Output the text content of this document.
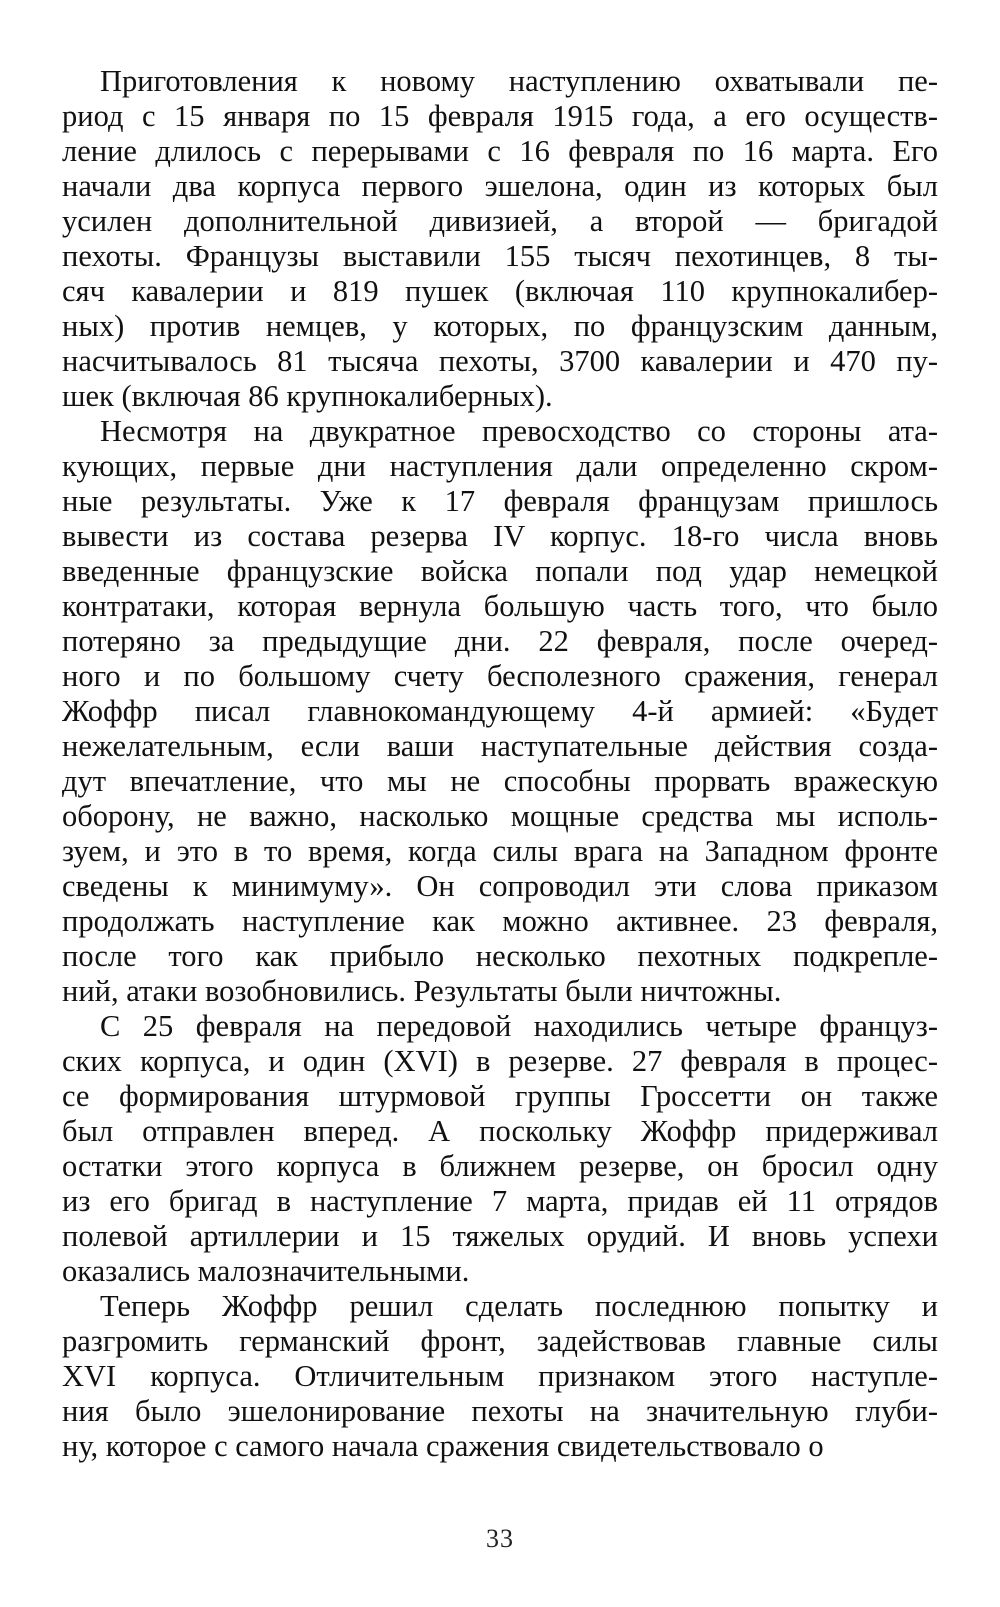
Приготовления к новому наступлению охватывали пе-
риод с 15 января по 15 февраля 1915 года, а его осуществ-
ление длилось с перерывами с 16 февраля по 16 марта. Его
начали два корпуса первого эшелона, один из которых был
усилен дополнительной дивизией, а второй — бригадой
пехоты. Французы выставили 155 тысяч пехотинцев, 8 ты-
сяч кавалерии и 819 пушек (включая 110 крупнокалибер-
ных) против немцев, у которых, по французским данным,
насчитывалось 81 тысяча пехоты, 3700 кавалерии и 470 пу-
шек (включая 86 крупнокалиберных).
Несмотря на двукратное превосходство со стороны ата-
кующих, первые дни наступления дали определенно скром-
ные результаты. Уже к 17 февраля французам пришлось
вывести из состава резерва IV корпус. 18-го числа вновь
введенные французские войска попали под удар немецкой
контратаки, которая вернула большую часть того, что было
потеряно за предыдущие дни. 22 февраля, после очеред-
ного и по большому счету бесполезного сражения, генерал
Жоффр писал главнокомандующему 4-й армией: «Будет
нежелательным, если ваши наступательные действия созда-
дут впечатление, что мы не способны прорвать вражескую
оборону, не важно, насколько мощные средства мы исполь-
зуем, и это в то время, когда силы врага на Западном фронте
сведены к минимуму». Он сопроводил эти слова приказом
продолжать наступление как можно активнее. 23 февраля,
после того как прибыло несколько пехотных подкрепле-
ний, атаки возобновились. Результаты были ничтожны.
С 25 февраля на передовой находились четыре француз-
ских корпуса, и один (XVI) в резерве. 27 февраля в процес-
се формирования штурмовой группы Гроссетти он также
был отправлен вперед. А поскольку Жоффр придерживал
остатки этого корпуса в ближнем резерве, он бросил одну
из его бригад в наступление 7 марта, придав ей 11 отрядов
полевой артиллерии и 15 тяжелых орудий. И вновь успехи
оказались малозначительными.
Теперь Жоффр решил сделать последнюю попытку и
разгромить германский фронт, задействовав главные силы
XVI корпуса. Отличительным признаком этого наступле-
ния было эшелонирование пехоты на значительную глуби-
ну, которое с самого начала сражения свидетельствовало о
33
